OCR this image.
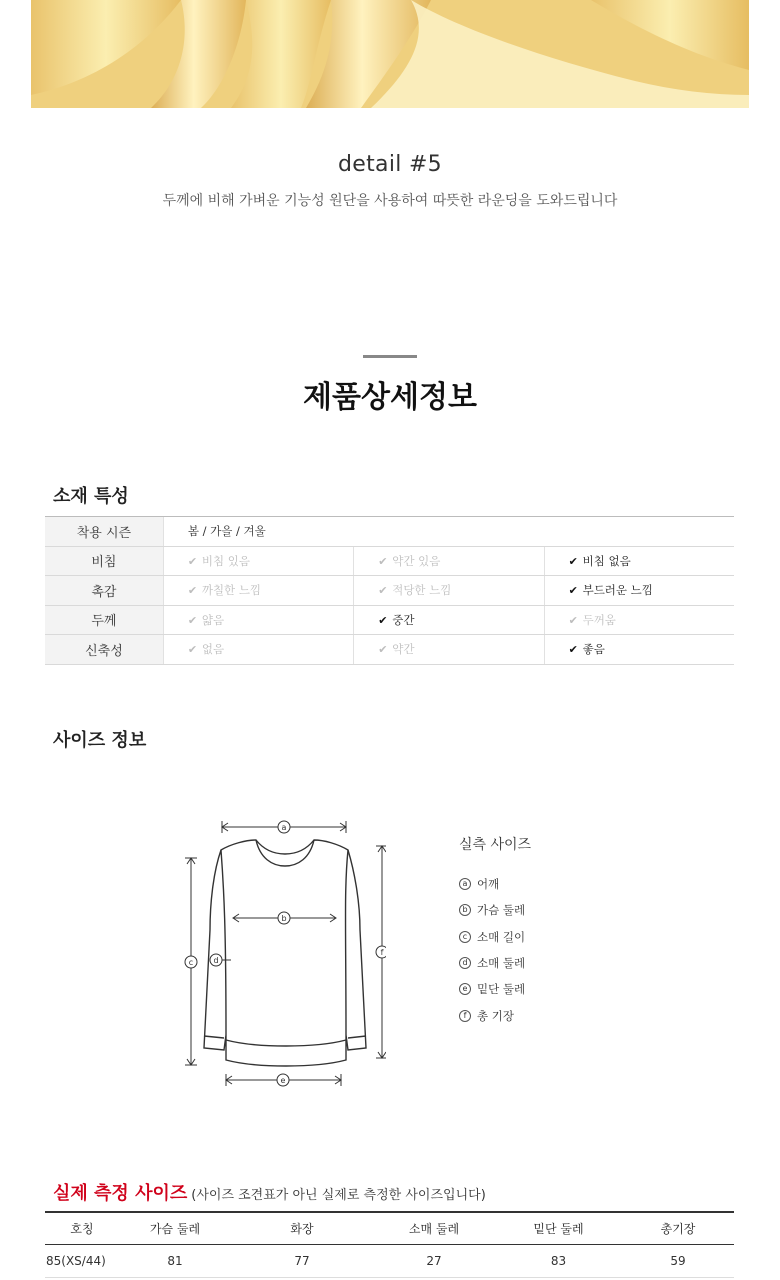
detail #5
두께에 비해 가벼운 기능성 원단을 사용하여 따뜻한 라운딩을 도와드립니다
제품상세정보
소재 특성
착용 시즌	봄 / 가을 / 겨울		
비침	✔ 비침 있음	✔ 약간 있음	✔ 비침 없음
촉감	✔ 까칠한 느낌	✔ 적당한 느낌	✔ 부드러운 느낌
두께	✔ 얇음	✔ 중간	✔ 두꺼움
신축성	✔ 없음	✔ 약간	✔ 좋음
사이즈 정보
a
b
c	d
e
f
실측 사이즈
a 어깨
b 가슴 둘레
c 소매 길이
d 소매 둘레
e 밑단 둘레
f 총 기장
실제 측정 사이즈 (사이즈 조견표가 아닌 실제로 측정한 사이즈입니다)
호칭	가슴 둘레	화장	소매 둘레	밑단 둘레	총기장
85(XS/44)	81	77	27	83	59
